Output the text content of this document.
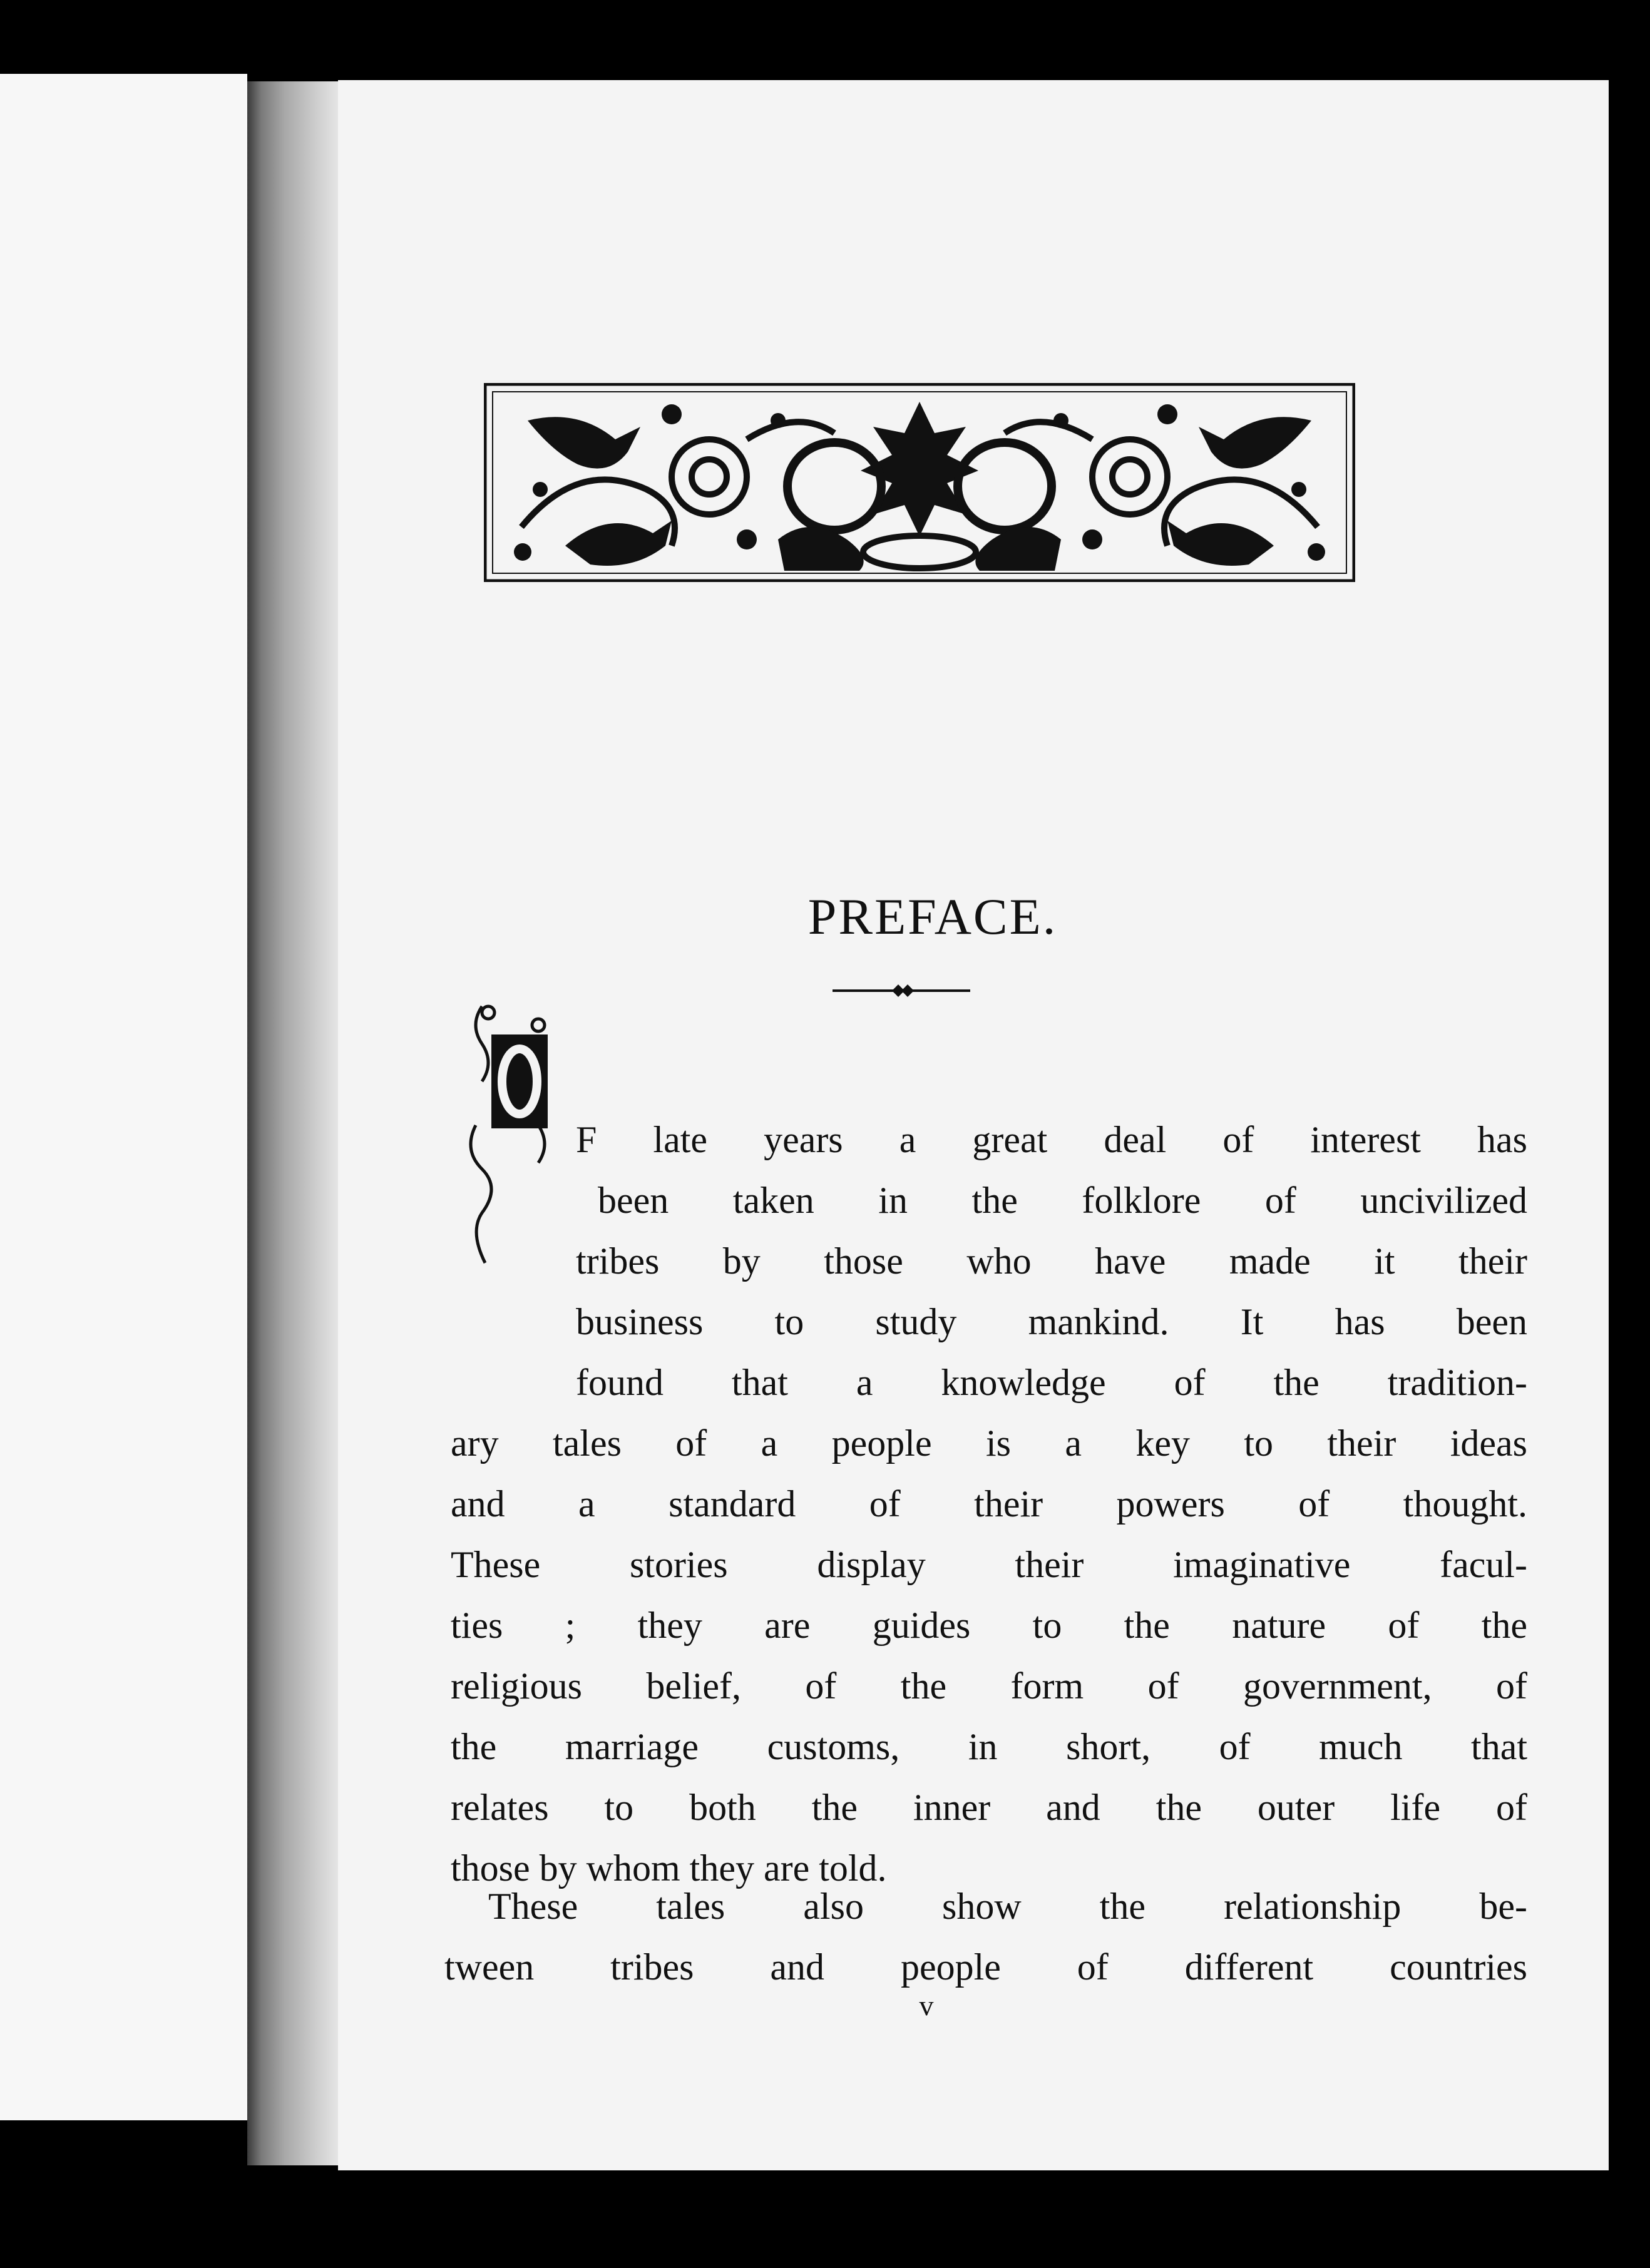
PREFACE.
F late years a great deal of interest has
been taken in the folklore of uncivilized
tribes by those who have made it their
business to study mankind. It has been
found that a knowledge of the tradition-
ary tales of a people is a key to their ideas
and a standard of their powers of thought.
These stories display their imaginative facul-
ties ; they are guides to the nature of the
religious belief, of the form of government, of
the marriage customs, in short, of much that
relates to both the inner and the outer life of
those by whom they are told.
These tales also show the relationship be-
tween tribes and people of different countries
v
